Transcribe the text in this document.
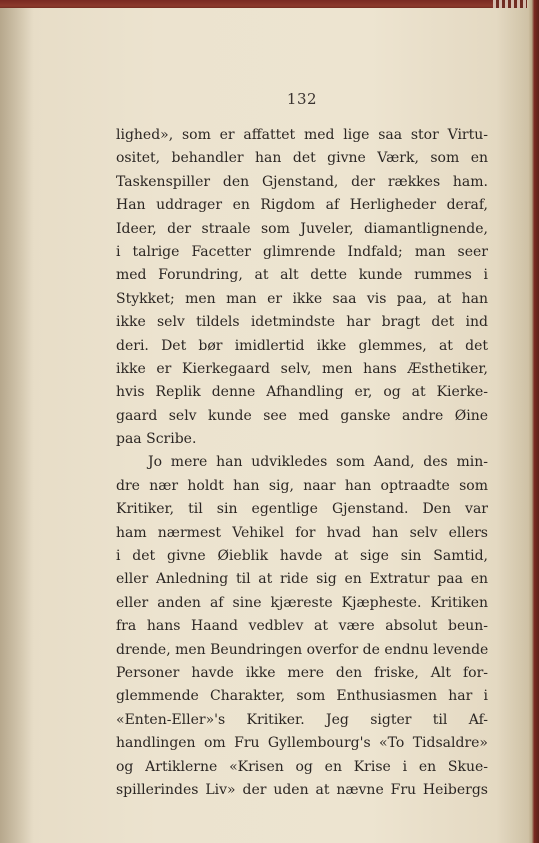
132
lighed», som er affattet med lige saa stor Virtu-
ositet, behandler han det givne Værk, som en
Taskenspiller den Gjenstand, der rækkes ham.
Han uddrager en Rigdom af Herligheder deraf,
Ideer, der straale som Juveler, diamantlignende,
i talrige Facetter glimrende Indfald; man seer
med Forundring, at alt dette kunde rummes i
Stykket; men man er ikke saa vis paa, at han
ikke selv tildels idetmindste har bragt det ind
deri. Det bør imidlertid ikke glemmes, at det
ikke er Kierkegaard selv, men hans Æsthetiker,
hvis Replik denne Afhandling er, og at Kierke-
gaard selv kunde see med ganske andre Øine
paa Scribe.
Jo mere han udvikledes som Aand, des min-
dre nær holdt han sig, naar han optraadte som
Kritiker, til sin egentlige Gjenstand. Den var
ham nærmest Vehikel for hvad han selv ellers
i det givne Øieblik havde at sige sin Samtid,
eller Anledning til at ride sig en Extratur paa en
eller anden af sine kjæreste Kjæpheste. Kritiken
fra hans Haand vedblev at være absolut beun-
drende, men Beundringen overfor de endnu levende
Personer havde ikke mere den friske, Alt for-
glemmende Charakter, som Enthusiasmen har i
«Enten-Eller»'s Kritiker. Jeg sigter til Af-
handlingen om Fru Gyllembourg's «To Tidsaldre»
og Artiklerne «Krisen og en Krise i en Skue-
spillerindes Liv» der uden at nævne Fru Heibergs
